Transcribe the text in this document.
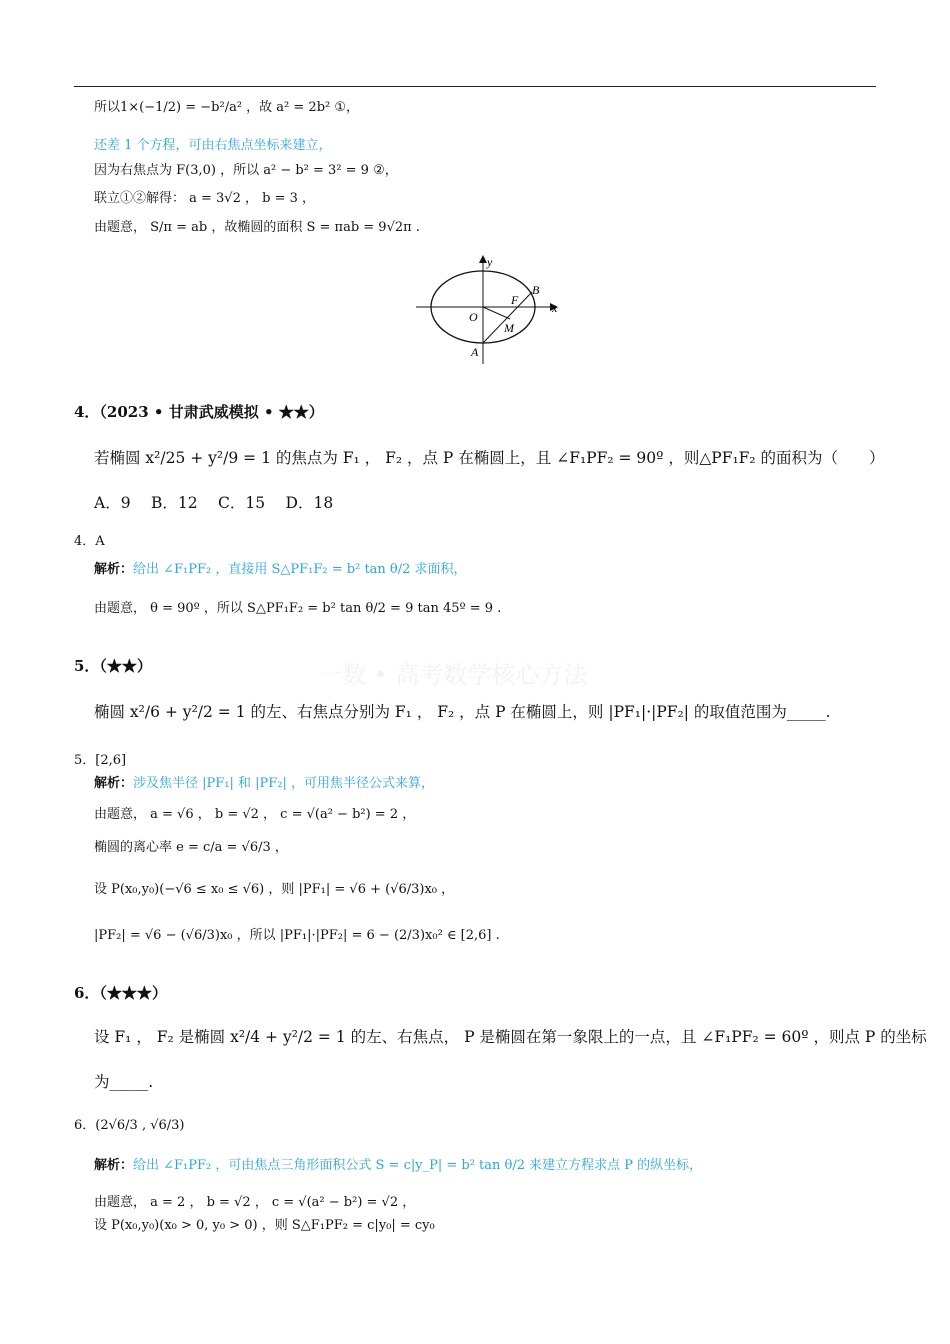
一数 • 高考数学核心方法
所以1×(−1/2) = −b²/a² ，故 a² = 2b² ①，
还差 1 个方程，可由右焦点坐标来建立，
因为右焦点为 F(3,0) ，所以 a² − b² = 3² = 9 ②，
联立①②解得： a = 3√2 ， b = 3 ，
由题意， S/π = ab ，故椭圆的面积 S = πab = 9√2π .
y
x
O
B
F
M
A
4．（2023 • 甘肃武威模拟 • ★★）
若椭圆 x²/25 + y²/9 = 1 的焦点为 F₁ ， F₂ ，点 P 在椭圆上，且 ∠F₁PF₂ = 90º ，则△PF₁F₂ 的面积为（　　）
A．9　 B．12　 C．15　 D．18
4．A
解析：给出 ∠F₁PF₂ ，直接用 S△PF₁F₂ = b² tan θ/2 求面积，
由题意， θ = 90º ，所以 S△PF₁F₂ = b² tan θ/2 = 9 tan 45º = 9 .
5．（★★）
椭圆 x²/6 + y²/2 = 1 的左、右焦点分别为 F₁ ， F₂ ，点 P 在椭圆上，则 |PF₁|·|PF₂| 的取值范围为_____.
5．[2,6]
解析：涉及焦半径 |PF₁| 和 |PF₂| ，可用焦半径公式来算，
由题意， a = √6 ， b = √2 ， c = √(a² − b²) = 2 ，
椭圆的离心率 e = c/a = √6/3 ，
设 P(x₀,y₀)(−√6 ≤ x₀ ≤ √6) ，则 |PF₁| = √6 + (√6/3)x₀ ，
|PF₂| = √6 − (√6/3)x₀ ，所以 |PF₁|·|PF₂| = 6 − (2/3)x₀² ∈ [2,6] .
6．（★★★）
设 F₁ ， F₂ 是椭圆 x²/4 + y²/2 = 1 的左、右焦点， P 是椭圆在第一象限上的一点，且 ∠F₁PF₂ = 60º ，则点 P 的坐标
为_____.
6．(2√6/3 , √6/3)
解析：给出 ∠F₁PF₂ ，可由焦点三角形面积公式 S = c|y_P| = b² tan θ/2 来建立方程求点 P 的纵坐标，
由题意， a = 2 ， b = √2 ， c = √(a² − b²) = √2 ，
设 P(x₀,y₀)(x₀ > 0, y₀ > 0) ，则 S△F₁PF₂ = c|y₀| = cy₀
